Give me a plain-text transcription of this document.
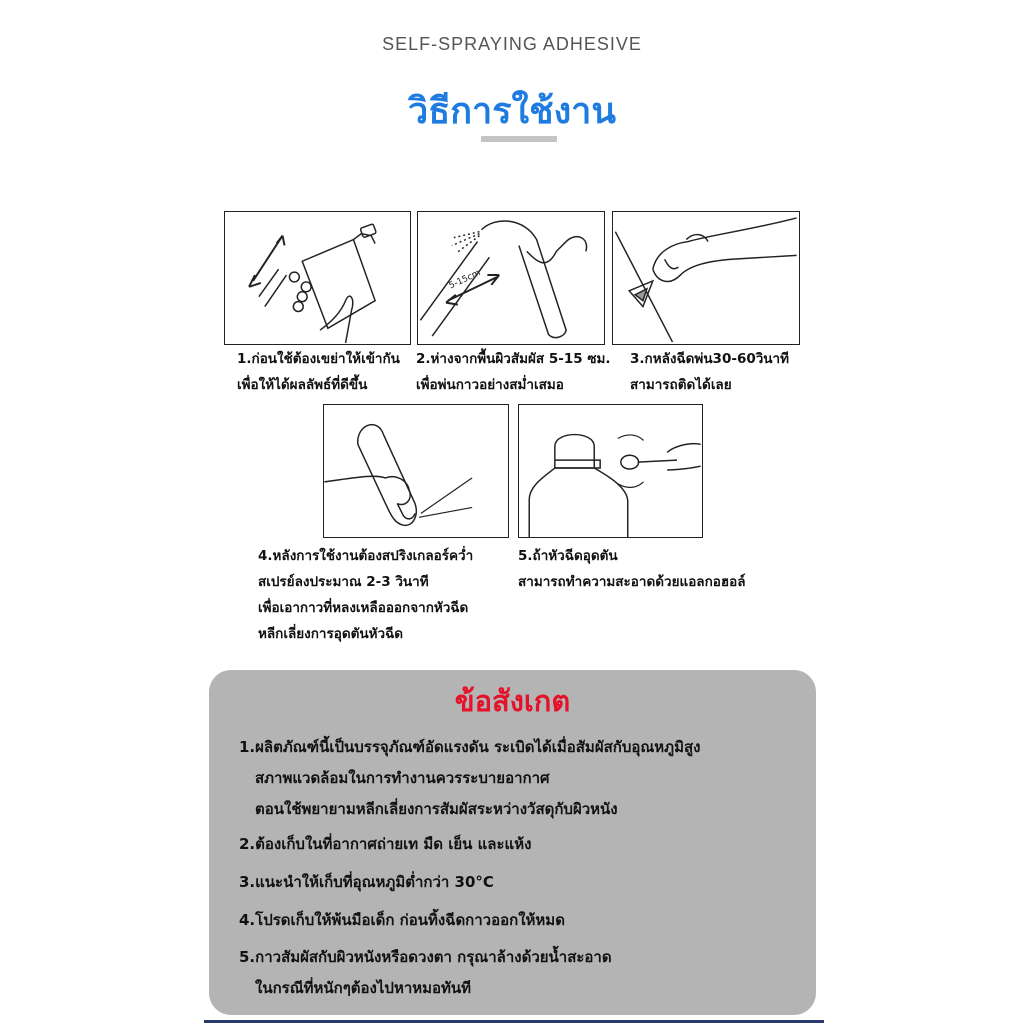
SELF-SPRAYING ADHESIVE
วิธีการใช้งาน
1.ก่อนใช้ต้องเขย่าให้เข้ากัน
เพื่อให้ได้ผลลัพธ์ที่ดีขึ้น
5-15cm
2.ห่างจากพื้นผิวสัมผัส 5-15 ซม.
เพื่อพ่นกาวอย่างสม่ำเสมอ
3.กหลังฉีดพ่น30-60วินาที
สามารถติดได้เลย
4.หลังการใช้งานต้องสปริงเกลอร์คว่ำ
สเปรย์ลงประมาณ 2-3 วินาที
เพื่อเอากาวที่หลงเหลือออกจากหัวฉีด
หลีกเลี่ยงการอุดตันหัวฉีด
5.ถ้าหัวฉีดอุดตัน
สามารถทำความสะอาดด้วยแอลกอฮอล์
ข้อสังเกต
1.ผลิตภัณฑ์นี้เป็นบรรจุภัณฑ์อัดแรงดัน ระเบิดได้เมื่อสัมผัสกับอุณหภูมิสูง
สภาพแวดล้อมในการทำงานควรระบายอากาศ
ตอนใช้พยายามหลีกเลี่ยงการสัมผัสระหว่างวัสดุกับผิวหนัง
2.ต้องเก็บในที่อากาศถ่ายเท มืด เย็น และแห้ง
3.แนะนำให้เก็บที่อุณหภูมิต่ำกว่า 30°C
4.โปรดเก็บให้พ้นมือเด็ก ก่อนทิ้งฉีดกาวออกให้หมด
5.กาวสัมผัสกับผิวหนังหรือดวงตา กรุณาล้างด้วยน้ำสะอาด
ในกรณีที่หนักๆต้องไปหาหมอทันที
